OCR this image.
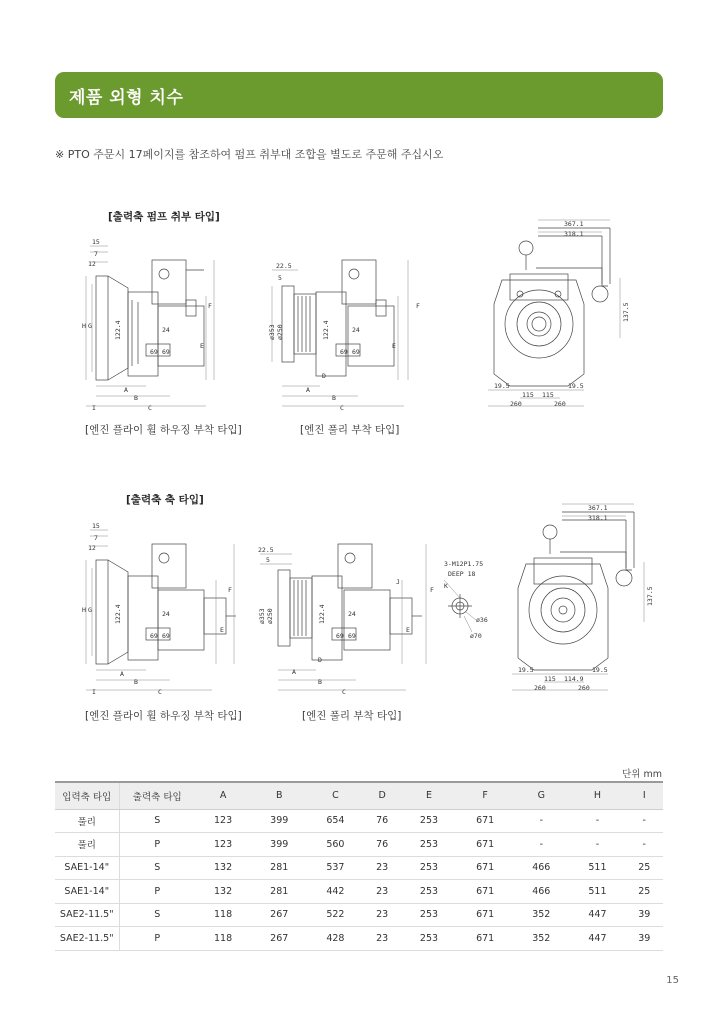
제품 외형 치수
※ PTO 주문시 17페이지를 참조하여 펌프 취부대 조합을 별도로 주문해 주십시오
[출력축 펌프 취부 타입]
15
7
12
H G	122.4	24
69 69
A
B
C
I
E
F
22.5
5
ø353 ø250	122.4	24
69 69
D
A
B
C
E
F
367.1
318.1
137.5
19.5	19.5
115 115
260	260
[엔진 플라이 휠 하우징 부착 타입]	[엔진 풀리 부착 타입]
[출력축 축 타입]
15
7
12
H G	122.4	24
69 69
A
B
C
I
E
F
22.5
5
ø353 ø250	122.4	24
69 69
D
A
B
C
E
J
F
3-M12P1.75
DEEP 18
K
ø36
ø70
367.1
318.1
137.5
19.5	19.5
115 114.9
260	260
[엔진 플라이 휠 하우징 부착 타입]	[엔진 풀리 부착 타입]
단위 mm
입력축 타입	출력축 타입	A	B	C	D	E	F	G	H	I
풀리	S	123	399	654	76	253	671	-	-	-
풀리	P	123	399	560	76	253	671	-	-	-
SAE1-14"	S	132	281	537	23	253	671	466	511	25
SAE1-14"	P	132	281	442	23	253	671	466	511	25
SAE2-11.5"	S	118	267	522	23	253	671	352	447	39
SAE2-11.5"	P	118	267	428	23	253	671	352	447	39
15
